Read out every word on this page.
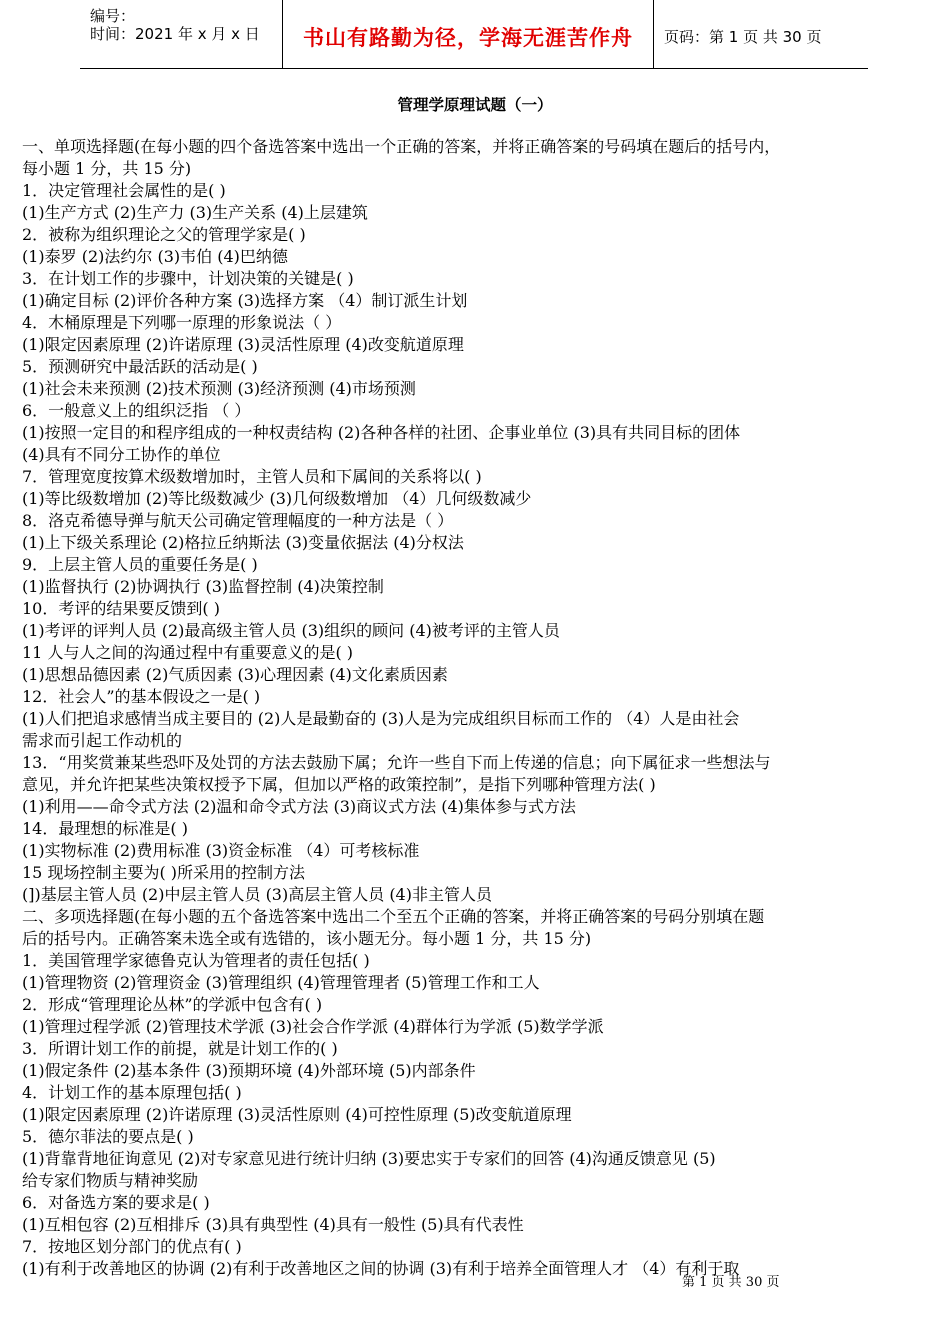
编号：
时间：2021 年 x 月 x 日	书山有路勤为径，学海无涯苦作舟	页码：第 1 页 共 30 页
管理学原理试题（一）
一、单项选择题(在每小题的四个备选答案中选出一个正确的答案，并将正确答案的号码填在题后的括号内，
每小题 1 分，共 15 分)
1．决定管理社会属性的是( )
(1)生产方式 (2)生产力 (3)生产关系 (4)上层建筑
2．被称为组织理论之父的管理学家是( )
(1)泰罗 (2)法约尔 (3)韦伯 (4)巴纳德
3．在计划工作的步骤中，计划决策的关键是( )
(1)确定目标 (2)评价各种方案 (3)选择方案 （4）制订派生计划
4．木桶原理是下列哪一原理的形象说法（ ）
(1)限定因素原理 (2)许诺原理 (3)灵活性原理 (4)改变航道原理
5．预测研究中最活跃的活动是( )
(1)社会未来预测 (2)技术预测 (3)经济预测 (4)市场预测
6．一般意义上的组织泛指 （ ）
(1)按照一定目的和程序组成的一种权责结构 (2)各种各样的社团、企事业单位 (3)具有共同目标的团体
(4)具有不同分工协作的单位
7．管理宽度按算术级数增加时，主管人员和下属间的关系将以( )
(1)等比级数增加 (2)等比级数减少 (3)几何级数增加 （4）几何级数减少
8．洛克希德导弹与航天公司确定管理幅度的一种方法是（ ）
(1)上下级关系理论 (2)格拉丘纳斯法 (3)变量依据法 (4)分权法
9．上层主管人员的重要任务是( )
(1)监督执行 (2)协调执行 (3)监督控制 (4)决策控制
10．考评的结果要反馈到( )
(1)考评的评判人员 (2)最高级主管人员 (3)组织的顾问 (4)被考评的主管人员
11 人与人之间的沟通过程中有重要意义的是( )
(1)思想品德因素 (2)气质因素 (3)心理因素 (4)文化素质因素
12．社会人”的基本假设之一是( )
(1)人们把追求感情当成主要目的 (2)人是最勤奋的 (3)人是为完成组织目标而工作的 （4）人是由社会
需求而引起工作动机的
13．“用奖赏兼某些恐吓及处罚的方法去鼓励下属；允许一些自下而上传递的信息；向下属征求一些想法与
意见，并允许把某些决策权授予下属，但加以严格的政策控制”，是指下列哪种管理方法( )
(1)利用——命令式方法 (2)温和命令式方法 (3)商议式方法 (4)集体参与式方法
14．最理想的标准是( )
(1)实物标准 (2)费用标准 (3)资金标准 （4）可考核标准
15 现场控制主要为( )所采用的控制方法
(])基层主管人员 (2)中层主管人员 (3)高层主管人员 (4)非主管人员
二、多项选择题(在每小题的五个备选答案中选出二个至五个正确的答案，并将正确答案的号码分别填在题
后的括号内。正确答案未选全或有选错的，该小题无分。每小题 1 分，共 15 分)
1．美国管理学家德鲁克认为管理者的责任包括( )
(1)管理物资 (2)管理资金 (3)管理组织 (4)管理管理者 (5)管理工作和工人
2．形成“管理理论丛林”的学派中包含有( )
(1)管理过程学派 (2)管理技术学派 (3)社会合作学派 (4)群体行为学派 (5)数学学派
3．所谓计划工作的前提，就是计划工作的( )
(1)假定条件 (2)基本条件 (3)预期环境 (4)外部环境 (5)内部条件
4．计划工作的基本原理包括( )
(1)限定因素原理 (2)许诺原理 (3)灵活性原则 (4)可控性原理 (5)改变航道原理
5．德尔菲法的要点是( )
(1)背靠背地征询意见 (2)对专家意见进行统计归纳 (3)要忠实于专家们的回答 (4)沟通反馈意见 (5)
给专家们物质与精神奖励
6．对备选方案的要求是( )
(1)互相包容 (2)互相排斥 (3)具有典型性 (4)具有一般性 (5)具有代表性
7．按地区划分部门的优点有( )
(1)有利于改善地区的协调 (2)有利于改善地区之间的协调 (3)有利于培养全面管理人才 （4）有利于取
第 1 页 共 30 页
